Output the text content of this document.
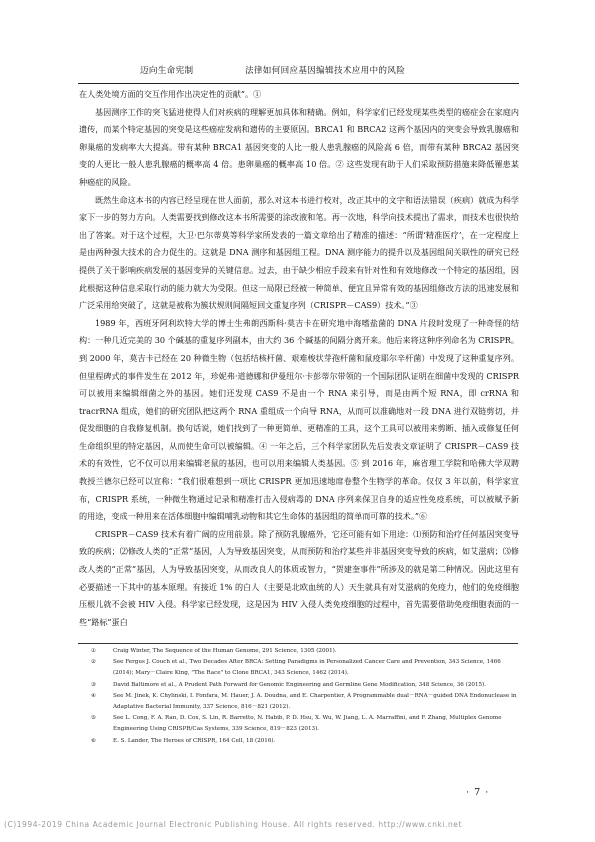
迈向生命宪制	法律如何回应基因编辑技术应用中的风险

在人类处境方面的交互作用作出决定性的贡献”。①

基因测序工作的突飞猛进使得人们对疾病的理解更加具体和精确。例如，科学家们已经发现某些类型的癌症会在家庭内遗传，而某个特定基因的突变是这些癌症发病和遗传的主要原因。BRCA1 和 BRCA2 这两个基因内的突变会导致乳腺癌和卵巢癌的发病率大大提高。带有某种 BRCA1 基因突变的人比一般人患乳腺癌的风险高 6 倍，而带有某种 BRCA2 基因突变的人更比一般人患乳腺癌的概率高 4 倍。患卵巢癌的概率高 10 倍。② 这些发现有助于人们采取预防措施来降低罹患某种癌症的风险。

既然生命这本书的内容已经呈现在世人面前，那么对这本书进行校对，改正其中的文字和语法错误（疾病）就成为科学家下一步的努力方向。人类需要找到修改这本书所需要的涂改液和笔。再一次地，科学向技术提出了需求，而技术也很快给出了答案。对于这个过程，大卫·巴尔蒂莫等科学家所发表的一篇文章给出了精准的描述：“所谓‘精准医疗’，在一定程度上是由两种强大技术的合力促生的。这就是 DNA 测序和基因组工程。DNA 测序能力的提升以及基因组间关联性的研究已经提供了关于影响疾病发展的基因变异的关键信息。过去，由于缺少相应手段来有针对性和有效地修改一个特定的基因组，因此根据这种信息采取行动的能力就大为受限。但这一局限已经被一种简单、便宜且异常有效的基因组修改方法的迅速发展和广泛采用给突破了，这就是被称为簇状规则间隔短回文重复序列（CRISPR－CAS9）技术。”③

1989 年，西班牙阿利坎特大学的博士生弗朗西斯科·莫吉卡在研究地中海嗜盐菌的 DNA 片段时发现了一种奇怪的结构：一种几近完美的 30 个碱基的重复序列副本，由大约 36 个碱基的间隔分离开来。他后来将这种序列命名为 CRISPR。到 2000 年，莫吉卡已经在 20 种微生物（包括结核杆菌、艰难梭状芽孢杆菌和鼠疫耶尔辛杆菌）中发现了这种重复序列。但里程碑式的事件发生在 2012 年，珍妮弗·道德娜和伊曼纽尔·卡彭蒂尔带领的一个国际团队证明在细菌中发现的 CRISPR 可以被用来编辑细菌之外的基因。她们还发现 CAS9 不是由一个 RNA 来引导，而是由两个短 RNA，即 crRNA 和 tracrRNA 组成，她们的研究团队把这两个 RNA 重组成一个向导 RNA，从而可以准确地对一段 DNA 进行双链剪切，并促发细胞的自我修复机制。换句话说，她们找到了一种更简单、更精准的工具，这个工具可以被用来剪断、插入或修复任何生命组织里的特定基因，从而使生命可以被编辑。④ 一年之后，三个科学家团队先后发表文章证明了 CRISPR－CAS9 技术的有效性，它不仅可以用来编辑老鼠的基因，也可以用来编辑人类基因。⑤ 到 2016 年，麻省理工学院和哈佛大学双聘教授兰德尔已经可以宣称：“我们很难想到一项比 CRISPR 更加迅速地席卷整个生物学的革命。仅仅 3 年以前，科学家宣布，CRISPR 系统，一种微生物通过记录和精准打击入侵病毒的 DNA 序列来保卫自身的适应性免疫系统，可以被赋予新的用途，变成一种用来在活体细胞中编辑哺乳动物和其它生命体的基因组的简单而可靠的技术。”⑥

CRISPR－CAS9 技术有着广阔的应用前景。除了预防乳腺癌外，它还可能有如下用途：⑴预防和治疗任何基因突变导致的疾病；⑵修改人类的“正常”基因，人为导致基因突变，从而预防和治疗某些并非基因突变导致的疾病，如艾滋病；⑶修改人类的“正常”基因，人为导致基因突变，从而改良人的体质或智力，“贺建奎事件”所涉及的就是第二种情况。因此这里有必要描述一下其中的基本原理。有接近 1% 的白人（主要是北欧血统的人）天生就具有对艾滋病的免疫力，他们的免疫细胞压根儿就不会被 HIV 入侵。科学家已经发现，这是因为 HIV 入侵人类免疫细胞的过程中，首先需要借助免疫细胞表面的一些“路标”蛋白

①	Craig Winter, The Sequence of the Human Genome, 291 Science, 1305 (2001).
②	See Fergus J. Couch et al., Two Decades After BRCA: Setting Paradigms in Personalized Cancer Care and Prevention, 343 Science, 1466 (2014); Mary－Claire King, "The Race" to Clone BRCA1, 343 Science, 1462 (2014).
③	David Baltimore et al., A Prudent Path Forward for Genomic Engineering and Germline Gene Modification, 348 Science, 36 (2015).
④	See M. Jinek, K. Chylinski, I. Fonfara, M. Hauer, J. A. Doudna, and E. Charpentier, A Programmable dual－RNA－guided DNA Endonuclease in Adaptative Bacterial Immunity, 337 Science, 816－821 (2012).
⑤	See L. Cong, F. A. Ran, D. Cox, S. Lin, R. Barretto, N. Habib, P. D. Hsu, X. Wu, W. Jiang, L. A. Marraffini, and F. Zhang, Multiplex Genome Engineering Using CRISPR/Cas Systems, 339 Science, 819－823 (2013).
⑥	E. S. Lander, The Heroes of CRISPR, 164 Cell, 18 (2016).
· 7 ·
(C)1994-2019 China Academic Journal Electronic Publishing House. All rights reserved. http://www.cnki.net
